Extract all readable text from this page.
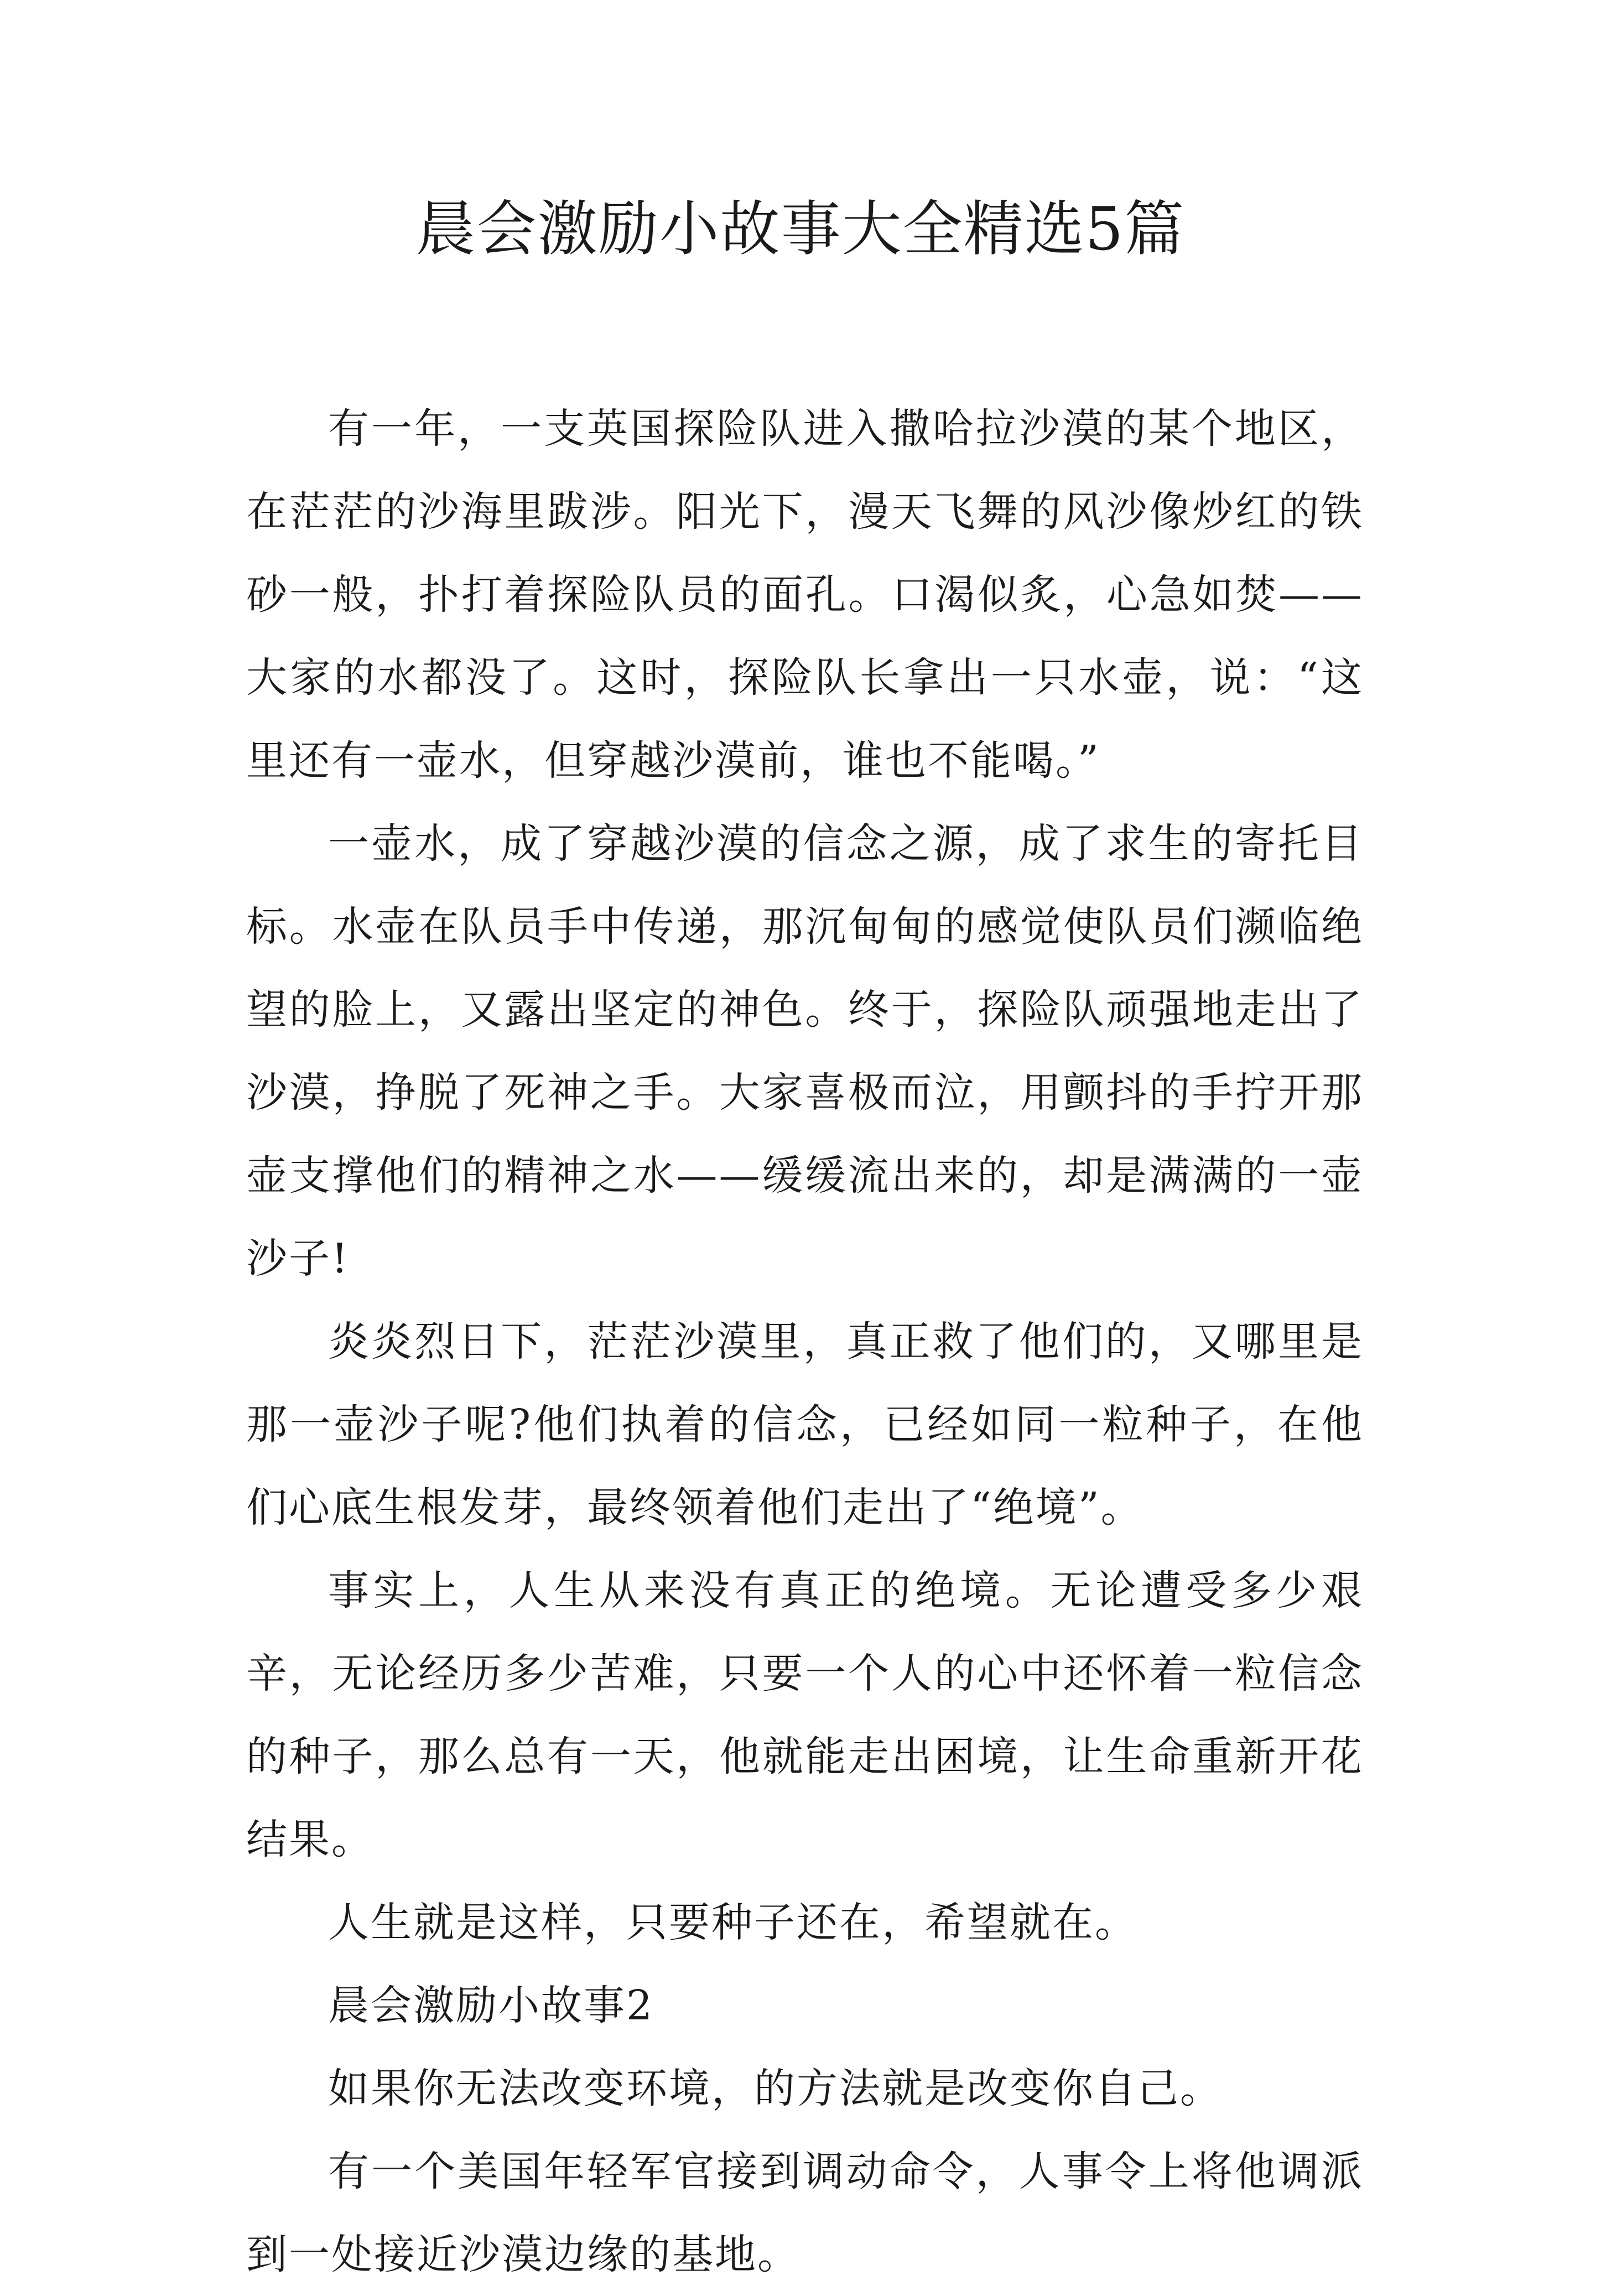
晨会激励小故事大全精选5篇

有一年，一支英国探险队进入撒哈拉沙漠的某个地区，在茫茫的沙海里跋涉。阳光下，漫天飞舞的风沙像炒红的铁砂一般，扑打着探险队员的面孔。口渴似炙，心急如焚——大家的水都没了。这时，探险队长拿出一只水壶，说：“这里还有一壶水，但穿越沙漠前，谁也不能喝。”

一壶水，成了穿越沙漠的信念之源，成了求生的寄托目标。水壶在队员手中传递，那沉甸甸的感觉使队员们濒临绝望的脸上，又露出坚定的神色。终于，探险队顽强地走出了沙漠，挣脱了死神之手。大家喜极而泣，用颤抖的手拧开那壶支撑他们的精神之水——缓缓流出来的，却是满满的一壶沙子!

炎炎烈日下，茫茫沙漠里，真正救了他们的，又哪里是那一壶沙子呢?他们执着的信念，已经如同一粒种子，在他们心底生根发芽，最终领着他们走出了“绝境”。

事实上，人生从来没有真正的绝境。无论遭受多少艰辛，无论经历多少苦难，只要一个人的心中还怀着一粒信念的种子，那么总有一天，他就能走出困境，让生命重新开花结果。

人生就是这样，只要种子还在，希望就在。

晨会激励小故事2

如果你无法改变环境，的方法就是改变你自己。

有一个美国年轻军官接到调动命令，人事令上将他调派到一处接近沙漠边缘的基地。
